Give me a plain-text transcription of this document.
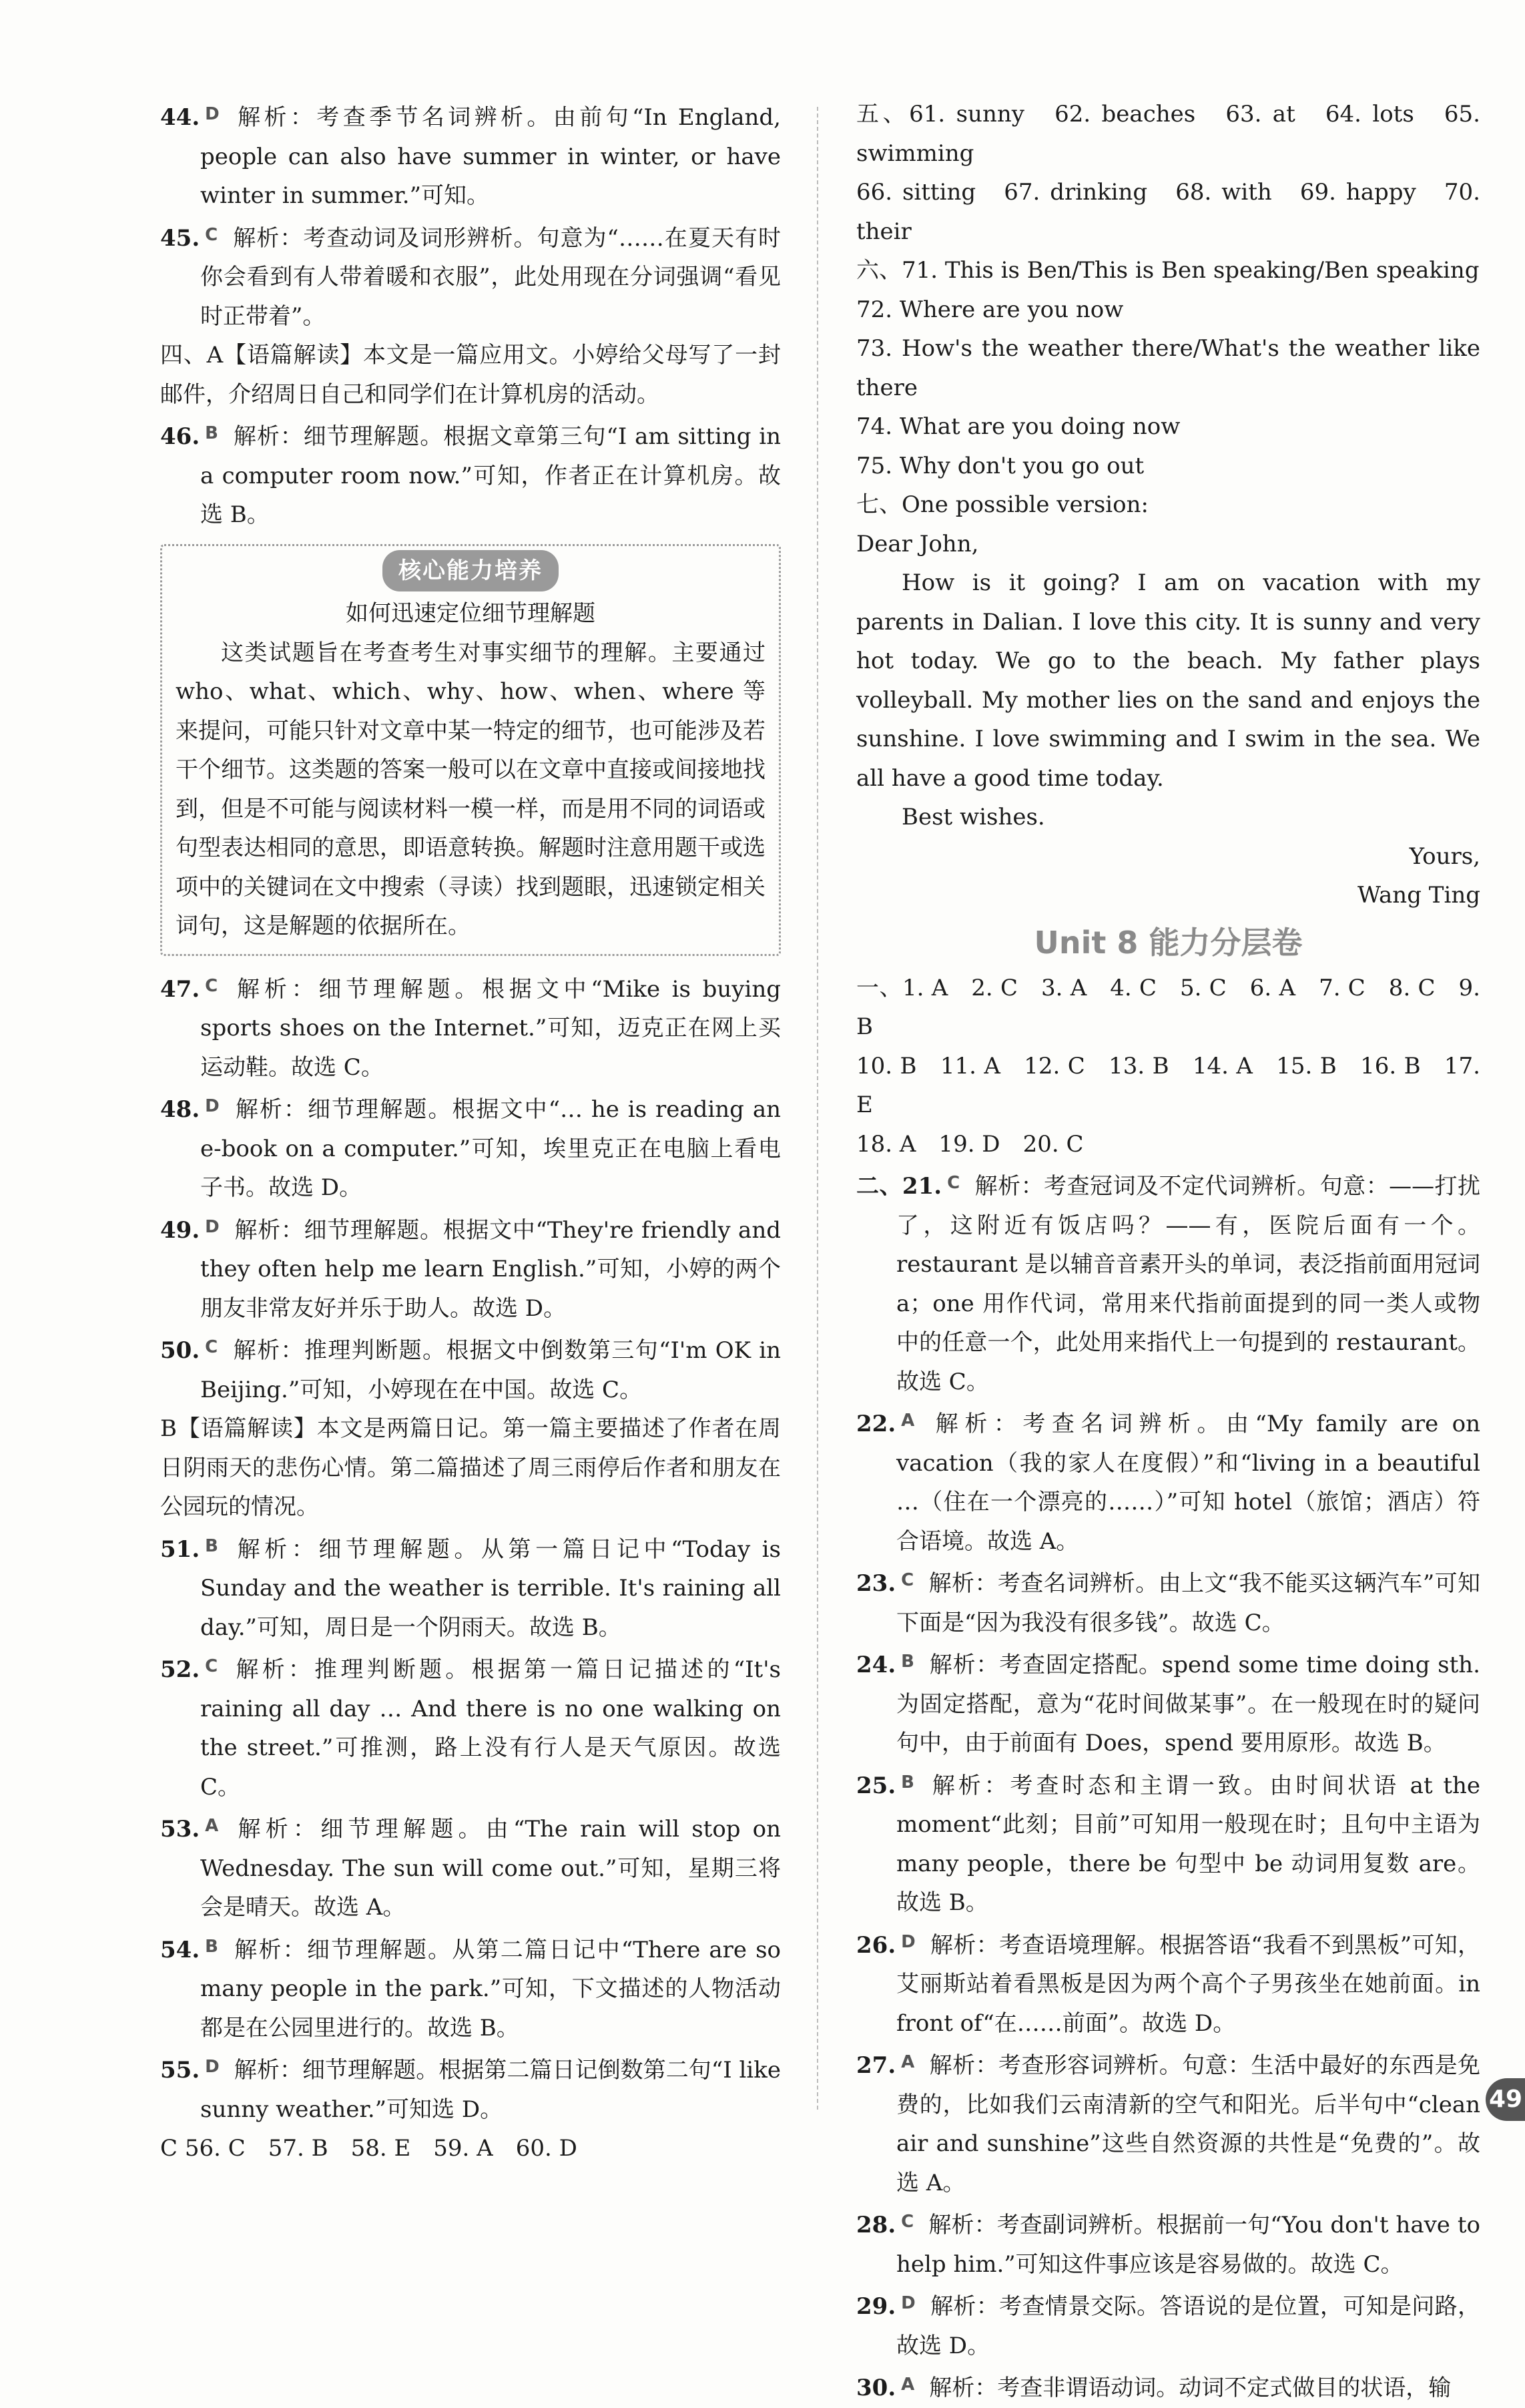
44. $^D$ 解析：考查季节名词辨析。由前句“In England, people can also have summer in winter, or have winter in summer.”可知。

45. $^C$ 解析：考查动词及词形辨析。句意为“……在夏天有时你会看到有人带着暖和衣服”，此处用现在分词强调“看见时正带着”。

四、A【语篇解读】本文是一篇应用文。小婷给父母写了一封邮件，介绍周日自己和同学们在计算机房的活动。

46. $^B$ 解析：细节理解题。根据文章第三句“I am sitting in a computer room now.”可知，作者正在计算机房。故选 B。

核心能力培养

如何迅速定位细节理解题

这类试题旨在考查考生对事实细节的理解。主要通过 who、what、which、why、how、when、where 等来提问，可能只针对文章中某一特定的细节，也可能涉及若干个细节。这类题的答案一般可以在文章中直接或间接地找到，但是不可能与阅读材料一模一样，而是用不同的词语或句型表达相同的意思，即语意转换。解题时注意用题干或选项中的关键词在文中搜索（寻读）找到题眼，迅速锁定相关词句，这是解题的依据所在。

47. $^C$ 解析：细节理解题。根据文中“Mike is buying sports shoes on the Internet.”可知，迈克正在网上买运动鞋。故选 C。

48. $^D$ 解析：细节理解题。根据文中“… he is reading an e-book on a computer.”可知，埃里克正在电脑上看电子书。故选 D。

49. $^D$ 解析：细节理解题。根据文中“They're friendly and they often help me learn English.”可知，小婷的两个朋友非常友好并乐于助人。故选 D。

50. $^C$ 解析：推理判断题。根据文中倒数第三句“I'm OK in Beijing.”可知，小婷现在在中国。故选 C。

B【语篇解读】本文是两篇日记。第一篇主要描述了作者在周日阴雨天的悲伤心情。第二篇描述了周三雨停后作者和朋友在公园玩的情况。

51. $^B$ 解析：细节理解题。从第一篇日记中“Today is Sunday and the weather is terrible. It's raining all day.”可知，周日是一个阴雨天。故选 B。

52. $^C$ 解析：推理判断题。根据第一篇日记描述的“It's raining all day … And there is no one walking on the street.”可推测，路上没有行人是天气原因。故选 C。

53. $^A$ 解析：细节理解题。由“The rain will stop on Wednesday. The sun will come out.”可知，星期三将会是晴天。故选 A。

54. $^B$ 解析：细节理解题。从第二篇日记中“There are so many people in the park.”可知，下文描述的人物活动都是在公园里进行的。故选 B。

55. $^D$ 解析：细节理解题。根据第二篇日记倒数第二句“I like sunny weather.”可知选 D。

C 56. C　57. B　58. E　59. A　60. D

五、61. sunny　62. beaches　63. at　64. lots　65. swimming

66. sitting　67. drinking　68. with　69. happy　70. their

六、71. This is Ben/This is Ben speaking/Ben speaking

72. Where are you now

73. How's the weather there/What's the weather like there

74. What are you doing now

75. Why don't you go out

七、One possible version:

Dear John,

How is it going? I am on vacation with my parents in Dalian. I love this city. It is sunny and very hot today. We go to the beach. My father plays volleyball. My mother lies on the sand and enjoys the sunshine. I love swimming and I swim in the sea. We all have a good time today.

Best wishes.

Yours,

Wang Ting

Unit 8 能力分层卷

一、1. A　2. C　3. A　4. C　5. C　6. A　7. C　8. C　9. B

10. B　11. A　12. C　13. B　14. A　15. B　16. B　17. E

18. A　19. D　20. C

二、21. $^C$ 解析：考查冠词及不定代词辨析。句意：——打扰了，这附近有饭店吗？——有，医院后面有一个。restaurant 是以辅音音素开头的单词，表泛指前面用冠词 a；one 用作代词，常用来代指前面提到的同一类人或物中的任意一个，此处用来指代上一句提到的 restaurant。故选 C。

22. $^A$ 解析：考查名词辨析。由“My family are on vacation（我的家人在度假）”和“living in a beautiful …（住在一个漂亮的……）”可知 hotel（旅馆；酒店）符合语境。故选 A。

23. $^C$ 解析：考查名词辨析。由上文“我不能买这辆汽车”可知下面是“因为我没有很多钱”。故选 C。

24. $^B$ 解析：考查固定搭配。spend some time doing sth. 为固定搭配，意为“花时间做某事”。在一般现在时的疑问句中，由于前面有 Does，spend 要用原形。故选 B。

25. $^B$ 解析：考查时态和主谓一致。由时间状语 at the moment“此刻；目前”可知用一般现在时；且句中主语为 many people，there be 句型中 be 动词用复数 are。故选 B。

26. $^D$ 解析：考查语境理解。根据答语“我看不到黑板”可知，艾丽斯站着看黑板是因为两个高个子男孩坐在她前面。in front of“在……前面”。故选 D。

27. $^A$ 解析：考查形容词辨析。句意：生活中最好的东西是免费的，比如我们云南清新的空气和阳光。后半句中“clean air and sunshine”这些自然资源的共性是“免费的”。故选 A。

28. $^C$ 解析：考查副词辨析。根据前一句“You don't have to help him.”可知这件事应该是容易做的。故选 C。

29. $^D$ 解析：考查情景交际。答语说的是位置，可知是问路，故选 D。

30. $^A$ 解析：考查非谓语动词。动词不定式做目的状语，输

49
